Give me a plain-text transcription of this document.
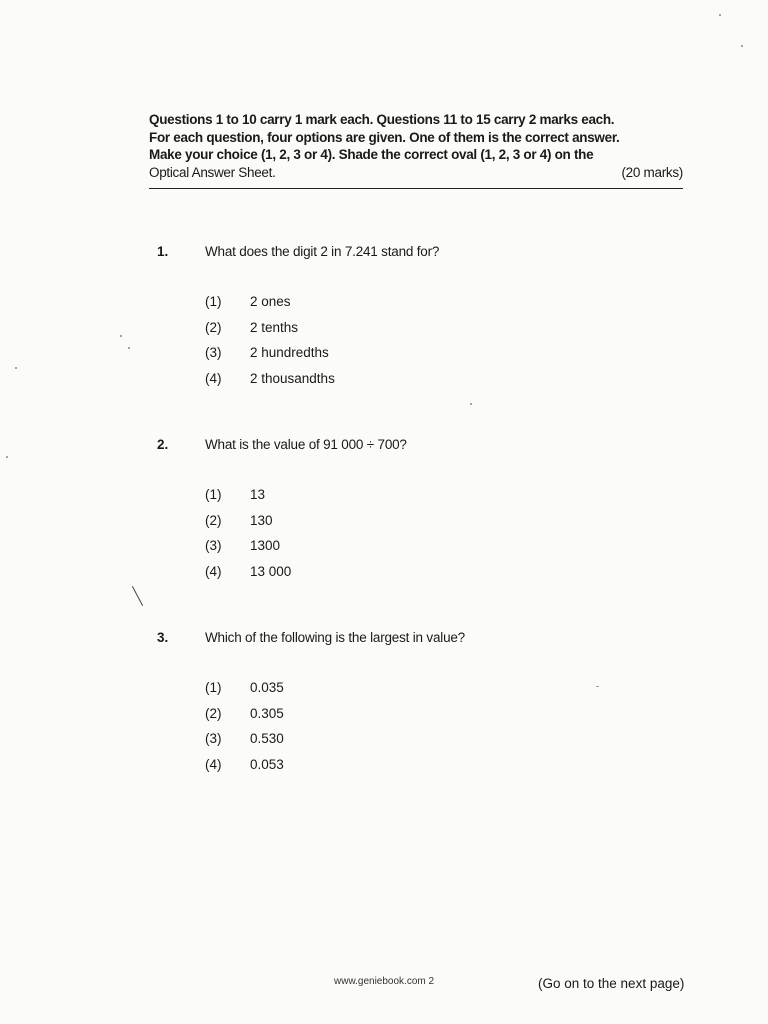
Questions 1 to 10 carry 1 mark each. Questions 11 to 15 carry 2 marks each.
For each question, four options are given. One of them is the correct answer.
Make your choice (1, 2, 3 or 4). Shade the correct oval (1, 2, 3 or 4) on the
Optical Answer Sheet.	(20 marks)
1.	What does the digit 2 in 7.241 stand for?
(1) 2 ones
(2) 2 tenths
(3) 2 hundredths
(4) 2 thousandths
2.	What is the value of 91 000 ÷ 700?
(1) 13
(2) 130
(3) 1300
(4) 13 000
3.	Which of the following is the largest in value?
(1) 0.035
(2) 0.305
(3) 0.530
(4) 0.053
www.geniebook.com 2	(Go on to the next page)
